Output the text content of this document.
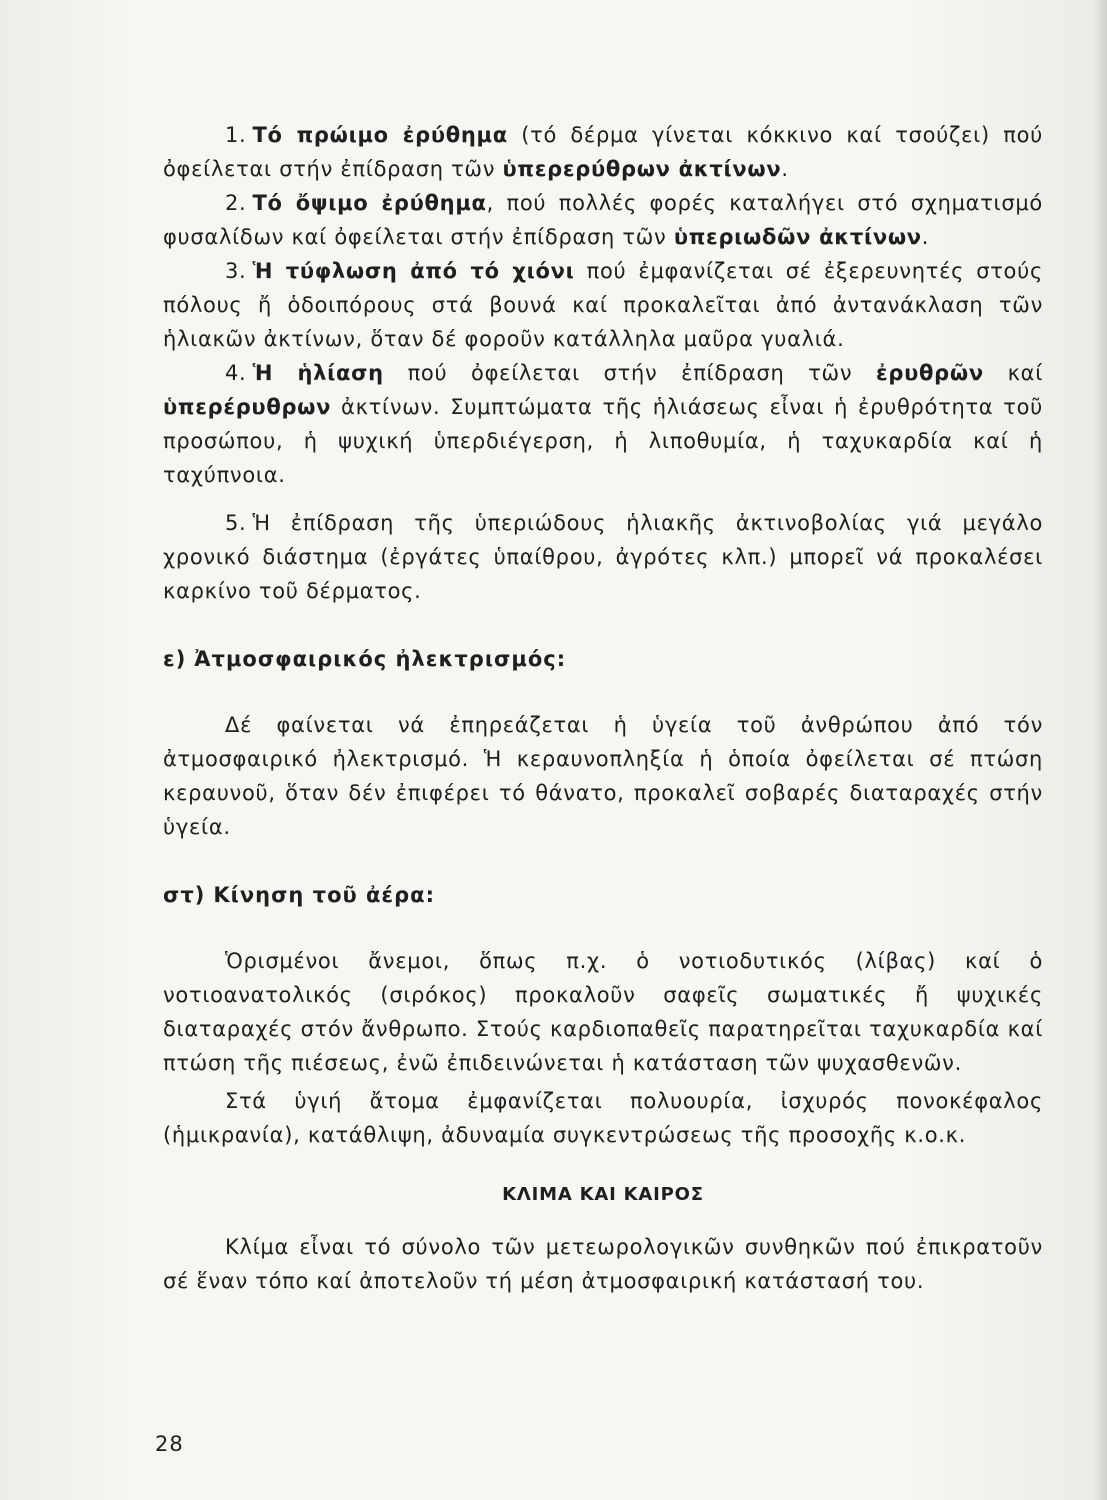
1. Τό πρώιμο ἐρύθημα (τό δέρμα γίνεται κόκκινο καί τσούζει) πού ὀφείλεται στήν ἐπίδραση τῶν ὑπερερύθρων ἀκτίνων.

2. Τό ὄψιμο ἐρύθημα, πού πολλές φορές καταλήγει στό σχηματισμό φυσαλίδων καί ὀφείλεται στήν ἐπίδραση τῶν ὑπεριωδῶν ἀκτίνων.

3. Ἡ τύφλωση ἀπό τό χιόνι πού ἐμφανίζεται σέ ἐξερευνητές στούς πόλους ἤ ὁδοιπόρους στά βουνά καί προκαλεῖται ἀπό ἀντανάκλαση τῶν ἡλιακῶν ἀκτίνων, ὅταν δέ φοροῦν κατάλληλα μαῦρα γυαλιά.

4. Ἡ ἡλίαση πού ὀφείλεται στήν ἐπίδραση τῶν ἐρυθρῶν καί ὑπερέρυθρων ἀκτίνων. Συμπτώματα τῆς ἡλιάσεως εἶναι ἡ ἐρυθρότητα τοῦ προσώπου, ἡ ψυχική ὑπερδιέγερση, ἡ λιποθυμία, ἡ ταχυκαρδία καί ἡ ταχύπνοια.

5. Ἡ ἐπίδραση τῆς ὑπεριώδους ἡλιακῆς ἀκτινοβολίας γιά μεγάλο χρονικό διάστημα (ἐργάτες ὑπαίθρου, ἀγρότες κλπ.) μπορεῖ νά προκαλέσει καρκίνο τοῦ δέρματος.

ε) Ἀτμοσφαιρικός ἠλεκτρισμός:

Δέ φαίνεται νά ἐπηρεάζεται ἡ ὑγεία τοῦ ἀνθρώπου ἀπό τόν ἀτμοσφαιρικό ἠλεκτρισμό. Ἡ κεραυνοπληξία ἡ ὁποία ὀφείλεται σέ πτώση κεραυνοῦ, ὅταν δέν ἐπιφέρει τό θάνατο, προκαλεῖ σοβαρές διαταραχές στήν ὑγεία.

στ) Κίνηση τοῦ ἀέρα:

Ὁρισμένοι ἄνεμοι, ὅπως π.χ. ὁ νοτιοδυτικός (λίβας) καί ὁ νοτιοανατολικός (σιρόκος) προκαλοῦν σαφεῖς σωματικές ἤ ψυχικές διαταραχές στόν ἄνθρωπο. Στούς καρδιοπαθεῖς παρατηρεῖται ταχυκαρδία καί πτώση τῆς πιέσεως, ἐνῶ ἐπιδεινώνεται ἡ κατάσταση τῶν ψυχασθενῶν.

Στά ὑγιή ἄτομα ἐμφανίζεται πολυουρία, ἰσχυρός πονοκέφαλος (ἡμικρανία), κατάθλιψη, ἀδυναμία συγκεντρώσεως τῆς προσοχῆς κ.ο.κ.

ΚΛΙΜΑ ΚΑΙ ΚΑΙΡΟΣ

Κλίμα εἶναι τό σύνολο τῶν μετεωρολογικῶν συνθηκῶν πού ἐπικρατοῦν σέ ἕναν τόπο καί ἀποτελοῦν τή μέση ἀτμοσφαιρική κατάστασή του.

28
